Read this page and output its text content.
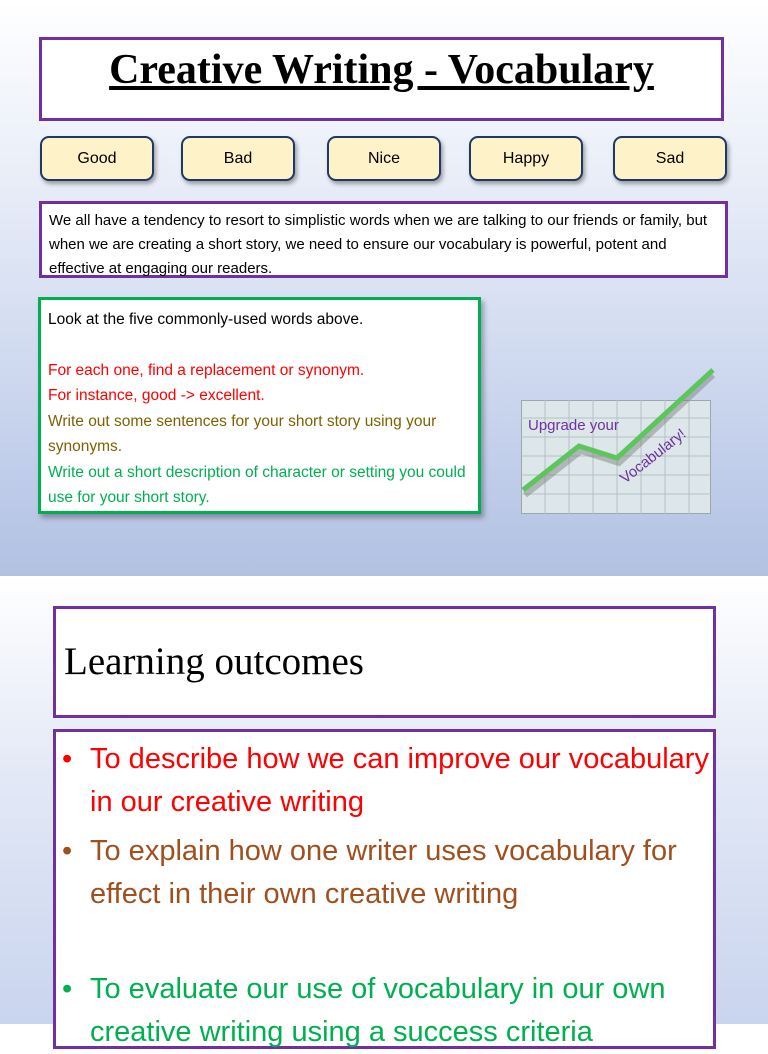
Creative Writing - Vocabulary
Good	Bad	Nice	Happy	Sad
We all have a tendency to resort to simplistic words when we are talking to our friends or family, but when we are creating a short story, we need to ensure our vocabulary is powerful, potent and effective at engaging our readers.

Look at the five commonly-used words above.

For each one, find a replacement or synonym.

For instance, good -> excellent.

Write out some sentences for your short story using your synonyms.

Write out a short description of character or setting you could use for your short story.

Upgrade your
Vocabulary!
Learning outcomes
• To describe how we can improve our vocabulary in our creative writing
• To explain how one writer uses vocabulary for effect in their own creative writing
• To evaluate our use of vocabulary in our own creative writing using a success criteria
